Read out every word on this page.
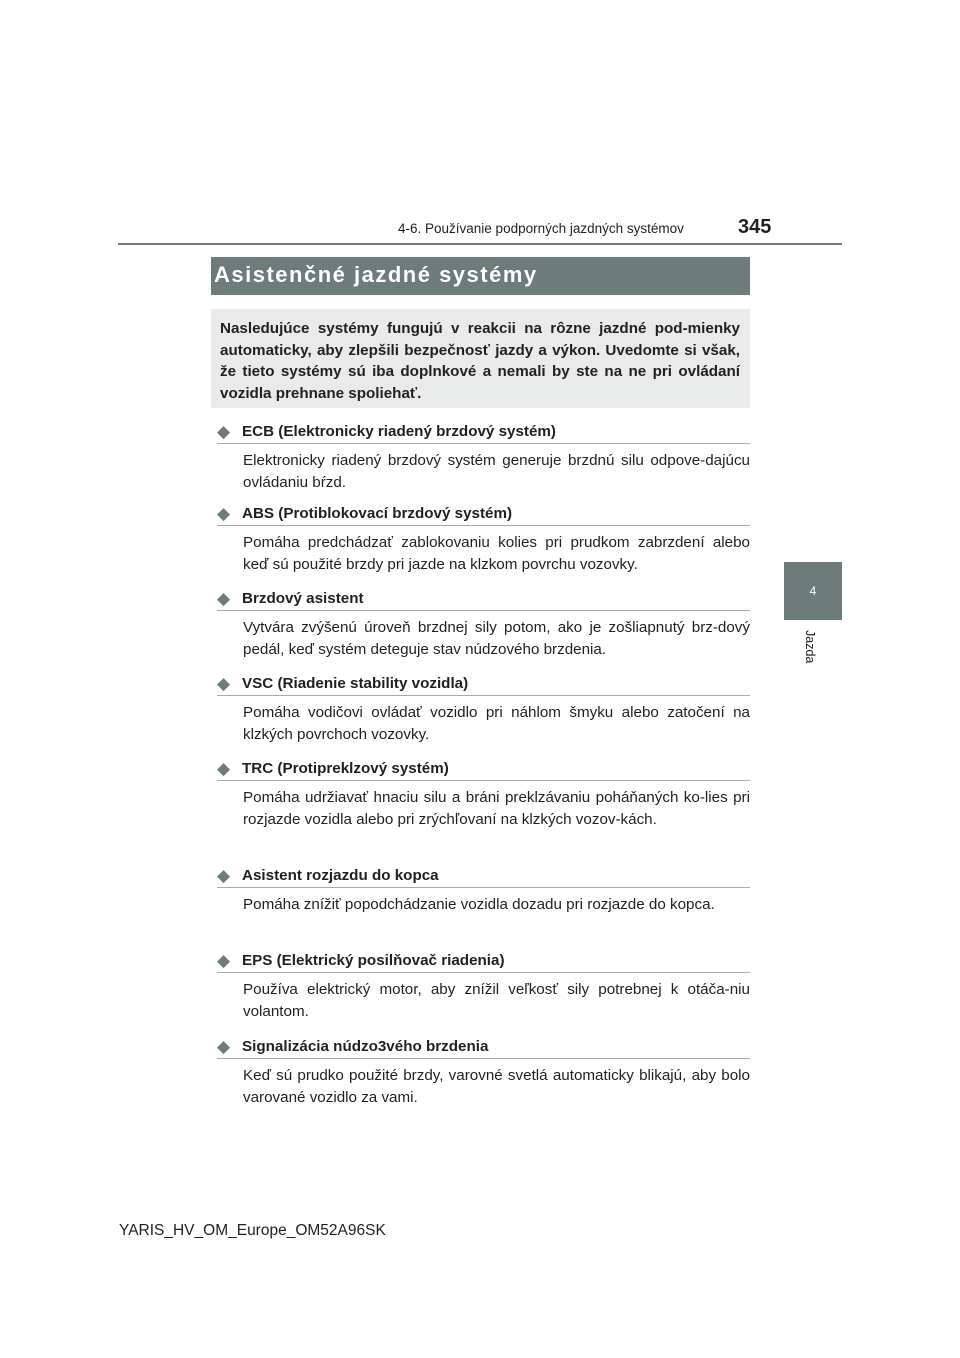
4-6. Používanie podporných jazdných systémov	345
4
Jazda
Asistenčné jazdné systémy
Nasledujúce systémy fungujú v reakcii na rôzne jazdné pod-mienky automaticky, aby zlepšili bezpečnosť jazdy a výkon. Uvedomte si však, že tieto systémy sú iba doplnkové a nemali by ste na ne pri ovládaní vozidla prehnane spoliehať.
◆ ECB (Elektronicky riadený brzdový systém)
Elektronicky riadený brzdový systém generuje brzdnú silu odpove-dajúcu ovládaniu bŕzd.
◆ ABS (Protiblokovací brzdový systém)
Pomáha predchádzať zablokovaniu kolies pri prudkom zabrzdení alebo keď sú použité brzdy pri jazde na klzkom povrchu vozovky.
◆ Brzdový asistent
Vytvára zvýšenú úroveň brzdnej sily potom, ako je zošliapnutý brz-dový pedál, keď systém deteguje stav núdzového brzdenia.
◆ VSC (Riadenie stability vozidla)
Pomáha vodičovi ovládať vozidlo pri náhlom šmyku alebo zatočení na klzkých povrchoch vozovky.
◆ TRC (Protipreklzový systém)
Pomáha udržiavať hnaciu silu a bráni preklzávaniu poháňaných ko-lies pri rozjazde vozidla alebo pri zrýchľovaní na klzkých vozov-kách.
◆ Asistent rozjazdu do kopca
Pomáha znížiť popodchádzanie vozidla dozadu pri rozjazde do kopca.
◆ EPS (Elektrický posilňovač riadenia)
Používa elektrický motor, aby znížil veľkosť sily potrebnej k otáča-niu volantom.
◆ Signalizácia núdzo3vého brzdenia
Keď sú prudko použité brzdy, varovné svetlá automaticky blikajú, aby bolo varované vozidlo za vami.
YARIS_HV_OM_Europe_OM52A96SK
